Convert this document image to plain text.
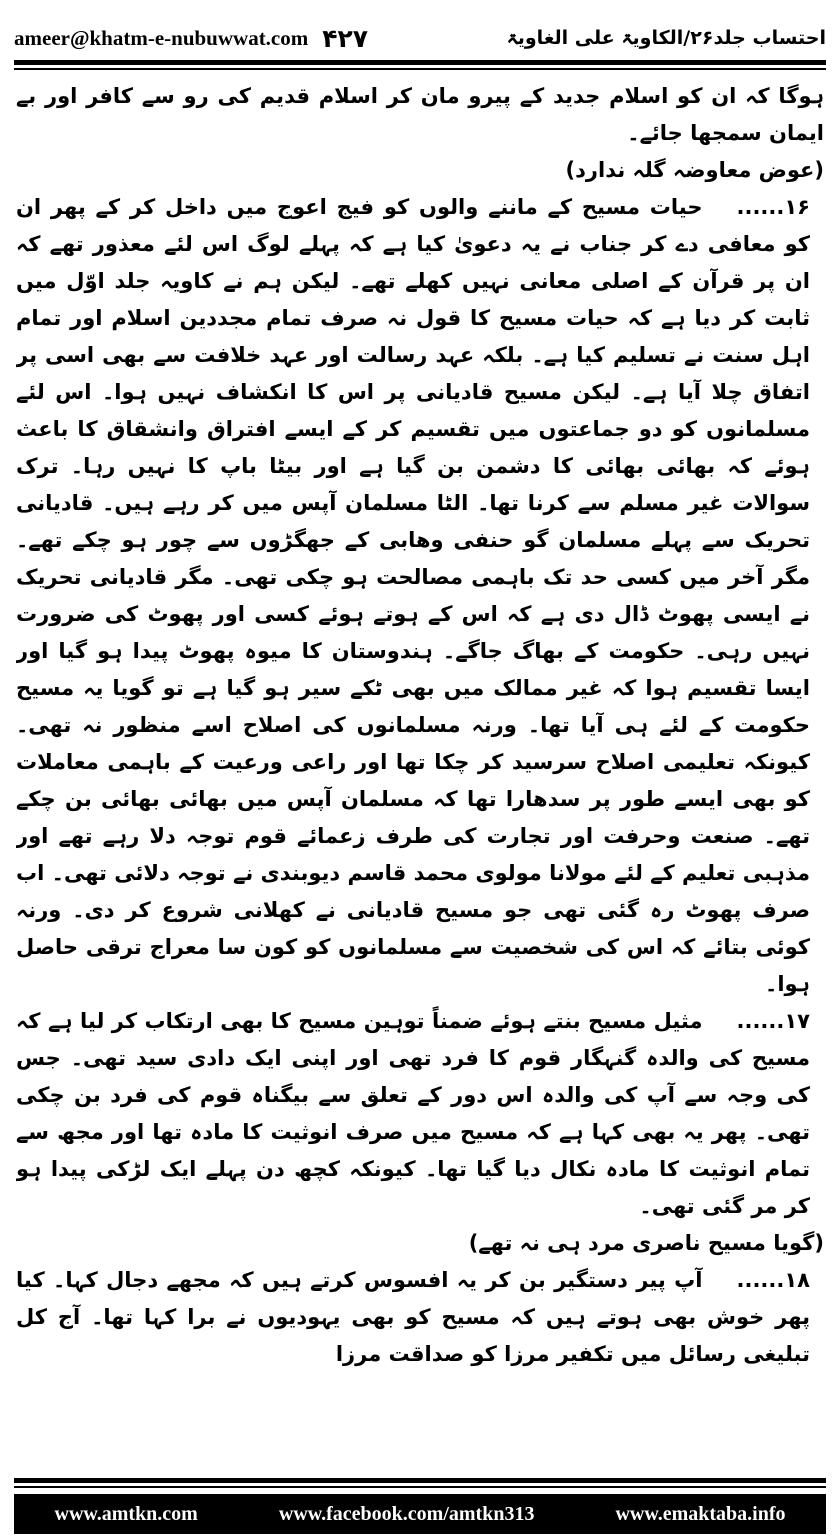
ameer@khatm-e-nubuwwat.com ۴۲۷	احتساب جلد۲۶/الکاویۃ علی الغاویۃ

ہوگا کہ ان کو اسلام جدید کے پیرو مان کر اسلام قدیم کی رو سے کافر اور بے ایمان سمجھا جائے۔

(عوض معاوضہ گلہ ندارد)

۱۶......حیات مسیح کے ماننے والوں کو فیج اعوج میں داخل کر کے پھر ان کو معافی دے کر جناب نے یہ دعویٰ کیا ہے کہ پہلے لوگ اس لئے معذور تھے کہ ان پر قرآن کے اصلی معانی نہیں کھلے تھے۔ لیکن ہم نے کاویہ جلد اوّل میں ثابت کر دیا ہے کہ حیات مسیح کا قول نہ صرف تمام مجددین اسلام اور تمام اہل سنت نے تسلیم کیا ہے۔ بلکہ عہد رسالت اور عہد خلافت سے بھی اسی پر اتفاق چلا آیا ہے۔ لیکن مسیح قادیانی پر اس کا انکشاف نہیں ہوا۔ اس لئے مسلمانوں کو دو جماعتوں میں تقسیم کر کے ایسے افتراق وانشقاق کا باعث ہوئے کہ بھائی بھائی کا دشمن بن گیا ہے اور بیٹا باپ کا نہیں رہا۔ ترک سوالات غیر مسلم سے کرنا تھا۔ الٹا مسلمان آپس میں کر رہے ہیں۔ قادیانی تحریک سے پہلے مسلمان گو حنفی وھابی کے جھگڑوں سے چور ہو چکے تھے۔ مگر آخر میں کسی حد تک باہمی مصالحت ہو چکی تھی۔ مگر قادیانی تحریک نے ایسی پھوٹ ڈال دی ہے کہ اس کے ہوتے ہوئے کسی اور پھوٹ کی ضرورت نہیں رہی۔ حکومت کے بھاگ جاگے۔ ہندوستان کا میوہ پھوٹ پیدا ہو گیا اور ایسا تقسیم ہوا کہ غیر ممالک میں بھی ٹکے سیر ہو گیا ہے تو گویا یہ مسیح حکومت کے لئے ہی آیا تھا۔ ورنہ مسلمانوں کی اصلاح اسے منظور نہ تھی۔ کیونکہ تعلیمی اصلاح سرسید کر چکا تھا اور راعی ورعیت کے باہمی معاملات کو بھی ایسے طور پر سدھارا تھا کہ مسلمان آپس میں بھائی بھائی بن چکے تھے۔ صنعت وحرفت اور تجارت کی طرف زعمائے قوم توجہ دلا رہے تھے اور مذہبی تعلیم کے لئے مولانا مولوی محمد قاسم دیوبندی نے توجہ دلائی تھی۔ اب صرف پھوٹ رہ گئی تھی جو مسیح قادیانی نے کھلانی شروع کر دی۔ ورنہ کوئی بتائے کہ اس کی شخصیت سے مسلمانوں کو کون سا معراج ترقی حاصل ہوا۔

۱۷......مثیل مسیح بنتے ہوئے ضمناً توہین مسیح کا بھی ارتکاب کر لیا ہے کہ مسیح کی والدہ گنہگار قوم کا فرد تھی اور اپنی ایک دادی سید تھی۔ جس کی وجہ سے آپ کی والدہ اس دور کے تعلق سے بیگناہ قوم کی فرد بن چکی تھی۔ پھر یہ بھی کہا ہے کہ مسیح میں صرف انوثیت کا مادہ تھا اور مجھ سے تمام انوثیت کا مادہ نکال دیا گیا تھا۔ کیونکہ کچھ دن پہلے ایک لڑکی پیدا ہو کر مر گئی تھی۔

(گویا مسیح ناصری مرد ہی نہ تھے)

۱۸......آپ پیر دستگیر بن کر یہ افسوس کرتے ہیں کہ مجھے دجال کہا۔ کیا پھر خوش بھی ہوتے ہیں کہ مسیح کو بھی یہودیوں نے برا کہا تھا۔ آج کل تبلیغی رسائل میں تکفیر مرزا کو صداقت مرزا

www.amtkn.com	www.facebook.com/amtkn313	www.emaktaba.info
